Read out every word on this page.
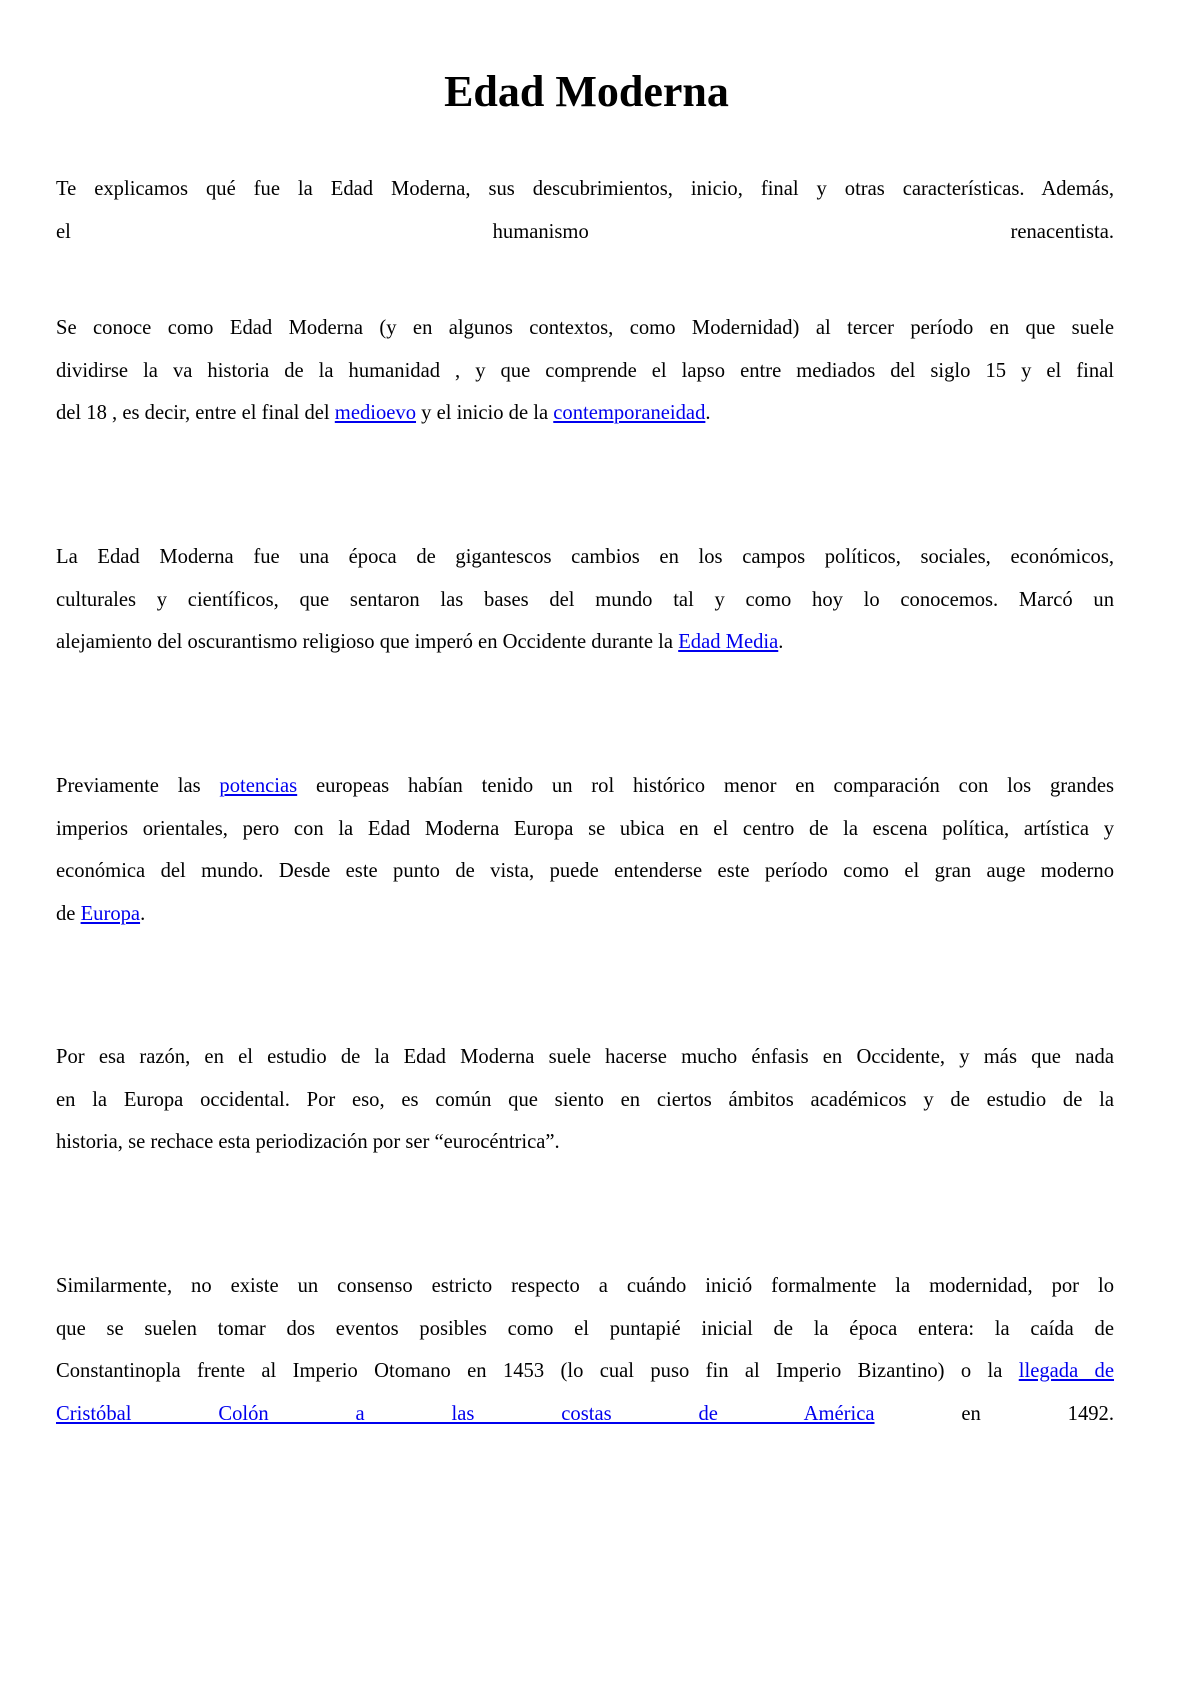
Edad Moderna
Te explicamos qué fue la Edad Moderna, sus descubrimientos, inicio, final y otras características. Además,
el humanismo renacentista.
Se conoce como Edad Moderna (y en algunos contextos, como Modernidad) al tercer período en que suele
dividirse la va historia de la humanidad , y que comprende el lapso entre mediados del siglo 15 y el final
del 18 , es decir, entre el final del medioevo y el inicio de la contemporaneidad.
La Edad Moderna fue una época de gigantescos cambios en los campos políticos, sociales, económicos,
culturales y científicos, que sentaron las bases del mundo tal y como hoy lo conocemos. Marcó un
alejamiento del oscurantismo religioso que imperó en Occidente durante la Edad Media.
Previamente las potencias europeas habían tenido un rol histórico menor en comparación con los grandes
imperios orientales, pero con la Edad Moderna Europa se ubica en el centro de la escena política, artística y
económica del mundo. Desde este punto de vista, puede entenderse este período como el gran auge moderno
de Europa.
Por esa razón, en el estudio de la Edad Moderna suele hacerse mucho énfasis en Occidente, y más que nada
en la Europa occidental. Por eso, es común que siento en ciertos ámbitos académicos y de estudio de la
historia, se rechace esta periodización por ser “eurocéntrica”.
Similarmente, no existe un consenso estricto respecto a cuándo inició formalmente la modernidad, por lo
que se suelen tomar dos eventos posibles como el puntapié inicial de la época entera: la caída de
Constantinopla frente al Imperio Otomano en 1453 (lo cual puso fin al Imperio Bizantino) o la llegada de
Cristóbal Colón a las costas de América en 1492.
